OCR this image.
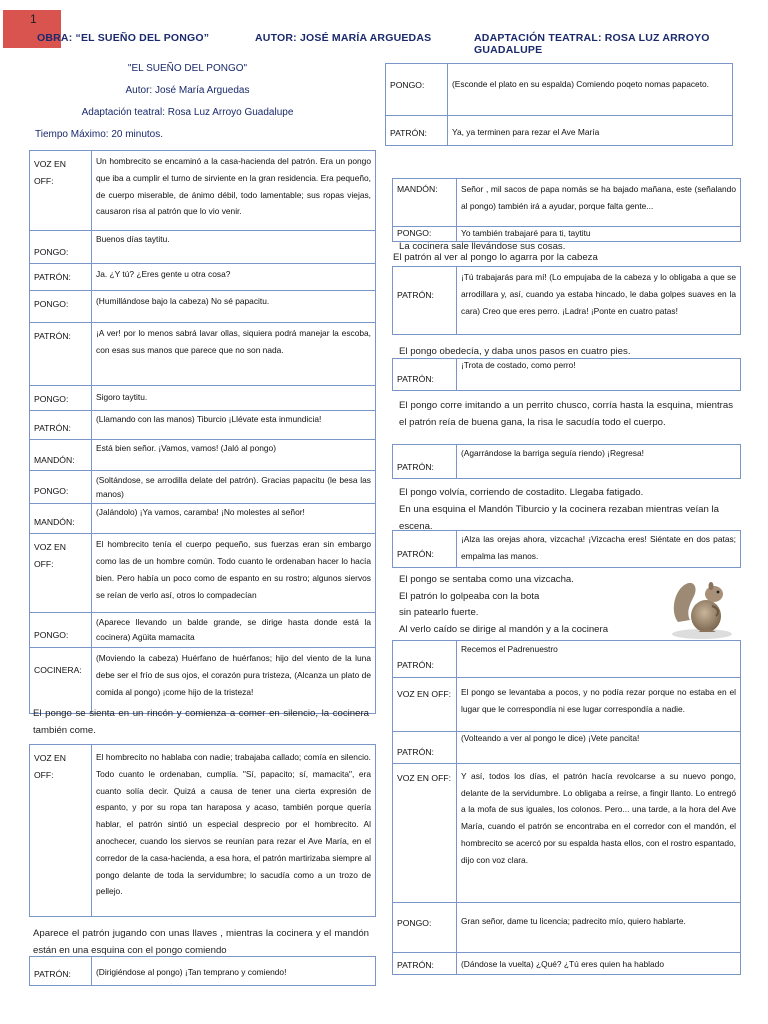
1
OBRA: “EL SUEÑO DEL PONGO”	AUTOR: JOSÉ MARÍA ARGUEDAS	ADAPTACIÓN TEATRAL: ROSA LUZ ARROYO
GUADALUPE
"EL SUEÑO DEL PONGO"
Autor: José María Arguedas
Adaptación teatral: Rosa Luz Arroyo Guadalupe
Tiempo Máximo: 20 minutos.
VOZ EN OFF:	Un hombrecito se encaminó a la casa-hacienda del patrón. Era un pongo que iba a cumplir el turno de sirviente en la gran residencia. Era pequeño, de cuerpo miserable, de ánimo débil, todo lamentable; sus ropas viejas, causaron risa al patrón que lo vio venir.
PONGO:	Buenos días taytitu.
PATRÓN:	Ja. ¿Y tú? ¿Eres gente u otra cosa?
PONGO:	(Humillándose bajo la cabeza) No sé papacitu.
PATRÓN:	¡A ver! por lo menos sabrá lavar ollas, siquiera podrá manejar la escoba, con esas sus manos que parece que no son nada.
PONGO:	Sigoro taytitu.
PATRÓN:	(Llamando con las manos) Tiburcio ¡Llévate esta inmundicia!
MANDÓN:	Está bien señor. ¡Vamos, vamos! (Jaló al pongo)
PONGO:	(Soltándose, se arrodilla delate del patrón). Gracias papacitu (le besa las manos)
MANDÓN:	(Jalándolo) ¡Ya vamos, caramba! ¡No molestes al señor!
VOZ EN OFF:	El hombrecito tenía el cuerpo pequeño, sus fuerzas eran sin embargo como las de un hombre común. Todo cuanto le ordenaban hacer lo hacía bien. Pero había un poco como de espanto en su rostro; algunos siervos se reían de verlo así, otros lo compadecían
PONGO:	(Aparece llevando un balde grande, se dirige hasta donde está la cocinera) Agüita mamacita
COCINERA:	(Moviendo la cabeza) Huérfano de huérfanos; hijo del viento de la luna debe ser el frío de sus ojos, el corazón pura tristeza, (Alcanza un plato de comida al pongo) ¡come hijo de la tristeza!
El pongo se sienta en un rincón y comienza a comer en silencio, la cocinera también come.
VOZ EN OFF:	El hombrecito no hablaba con nadie; trabajaba callado; comía en silencio. Todo cuanto le ordenaban, cumplía. "Sí, papacito; sí, mamacita", era cuanto solía decir. Quizá a causa de tener una cierta expresión de espanto, y por su ropa tan haraposa y acaso, también porque quería hablar, el patrón sintió un especial desprecio por el hombrecito. Al anochecer, cuando los siervos se reunían para rezar el Ave María, en el corredor de la casa-hacienda, a esa hora, el patrón martirizaba siempre al pongo delante de toda la servidumbre; lo sacudía como a un trozo de pellejo.
Aparece el patrón jugando con unas llaves , mientras la cocinera y el mandón están en una esquina con el pongo comiendo
PATRÓN:	(Dirigiéndose al pongo) ¡Tan temprano y comiendo!
PONGO:	(Esconde el plato en su espalda) Comiendo poqeto nomas papaceto.
PATRÓN:	Ya, ya terminen para rezar el Ave María
MANDÓN:	Señor , mil sacos de papa nomás se ha bajado mañana, este (señalando al pongo) también irá a ayudar, porque falta gente...
PONGO:	Yo también trabajaré para ti, taytitu
La cocinera sale llevándose sus cosas.
El patrón al ver al pongo lo agarra por la cabeza
PATRÓN:	¡Tú trabajarás para mí! (Lo empujaba de la cabeza y lo obligaba a que se arrodillara y, así, cuando ya estaba hincado, le daba golpes suaves en la cara) Creo que eres perro. ¡Ladra! ¡Ponte en cuatro patas!
El pongo obedecía, y daba unos pasos en cuatro pies.
PATRÓN:	¡Trota de costado, como perro!
El pongo corre imitando a un perrito chusco, corría hasta la esquina, mientras el patrón reía de buena gana, la risa le sacudía todo el cuerpo.
PATRÓN:	(Agarrándose la barriga seguía riendo) ¡Regresa!
El pongo volvía, corriendo de costadito. Llegaba fatigado.
En una esquina el Mandón Tiburcio y la cocinera rezaban mientras veían la escena.
PATRÓN:	¡Alza las orejas ahora, vizcacha! ¡Vizcacha eres! Siéntate en dos patas; empalma las manos.
El pongo se sentaba como una vizcacha.
El patrón lo golpeaba con la bota
sin patearlo fuerte.
Al verlo caído se dirige al mandón y a la cocinera
PATRÓN:	Recemos el Padrenuestro
VOZ EN OFF:	El pongo se levantaba a pocos, y no podía rezar porque no estaba en el lugar que le correspondía ni ese lugar correspondía a nadie.
PATRÓN:	(Volteando a ver al pongo le dice) ¡Vete pancita!
VOZ EN OFF:	Y así, todos los días, el patrón hacía revolcarse a su nuevo pongo, delante de la servidumbre. Lo obligaba a reírse, a fingir llanto. Lo entregó a la mofa de sus iguales, los colonos. Pero... una tarde, a la hora del Ave María, cuando el patrón se encontraba en el corredor con el mandón, el hombrecito se acercó por su espalda hasta ellos, con el rostro espantado, dijo con voz clara.
PONGO:	Gran señor, dame tu licencia; padrecito mío, quiero hablarte.
PATRÓN:	(Dándose la vuelta) ¿Qué? ¿Tú eres quien ha hablado
